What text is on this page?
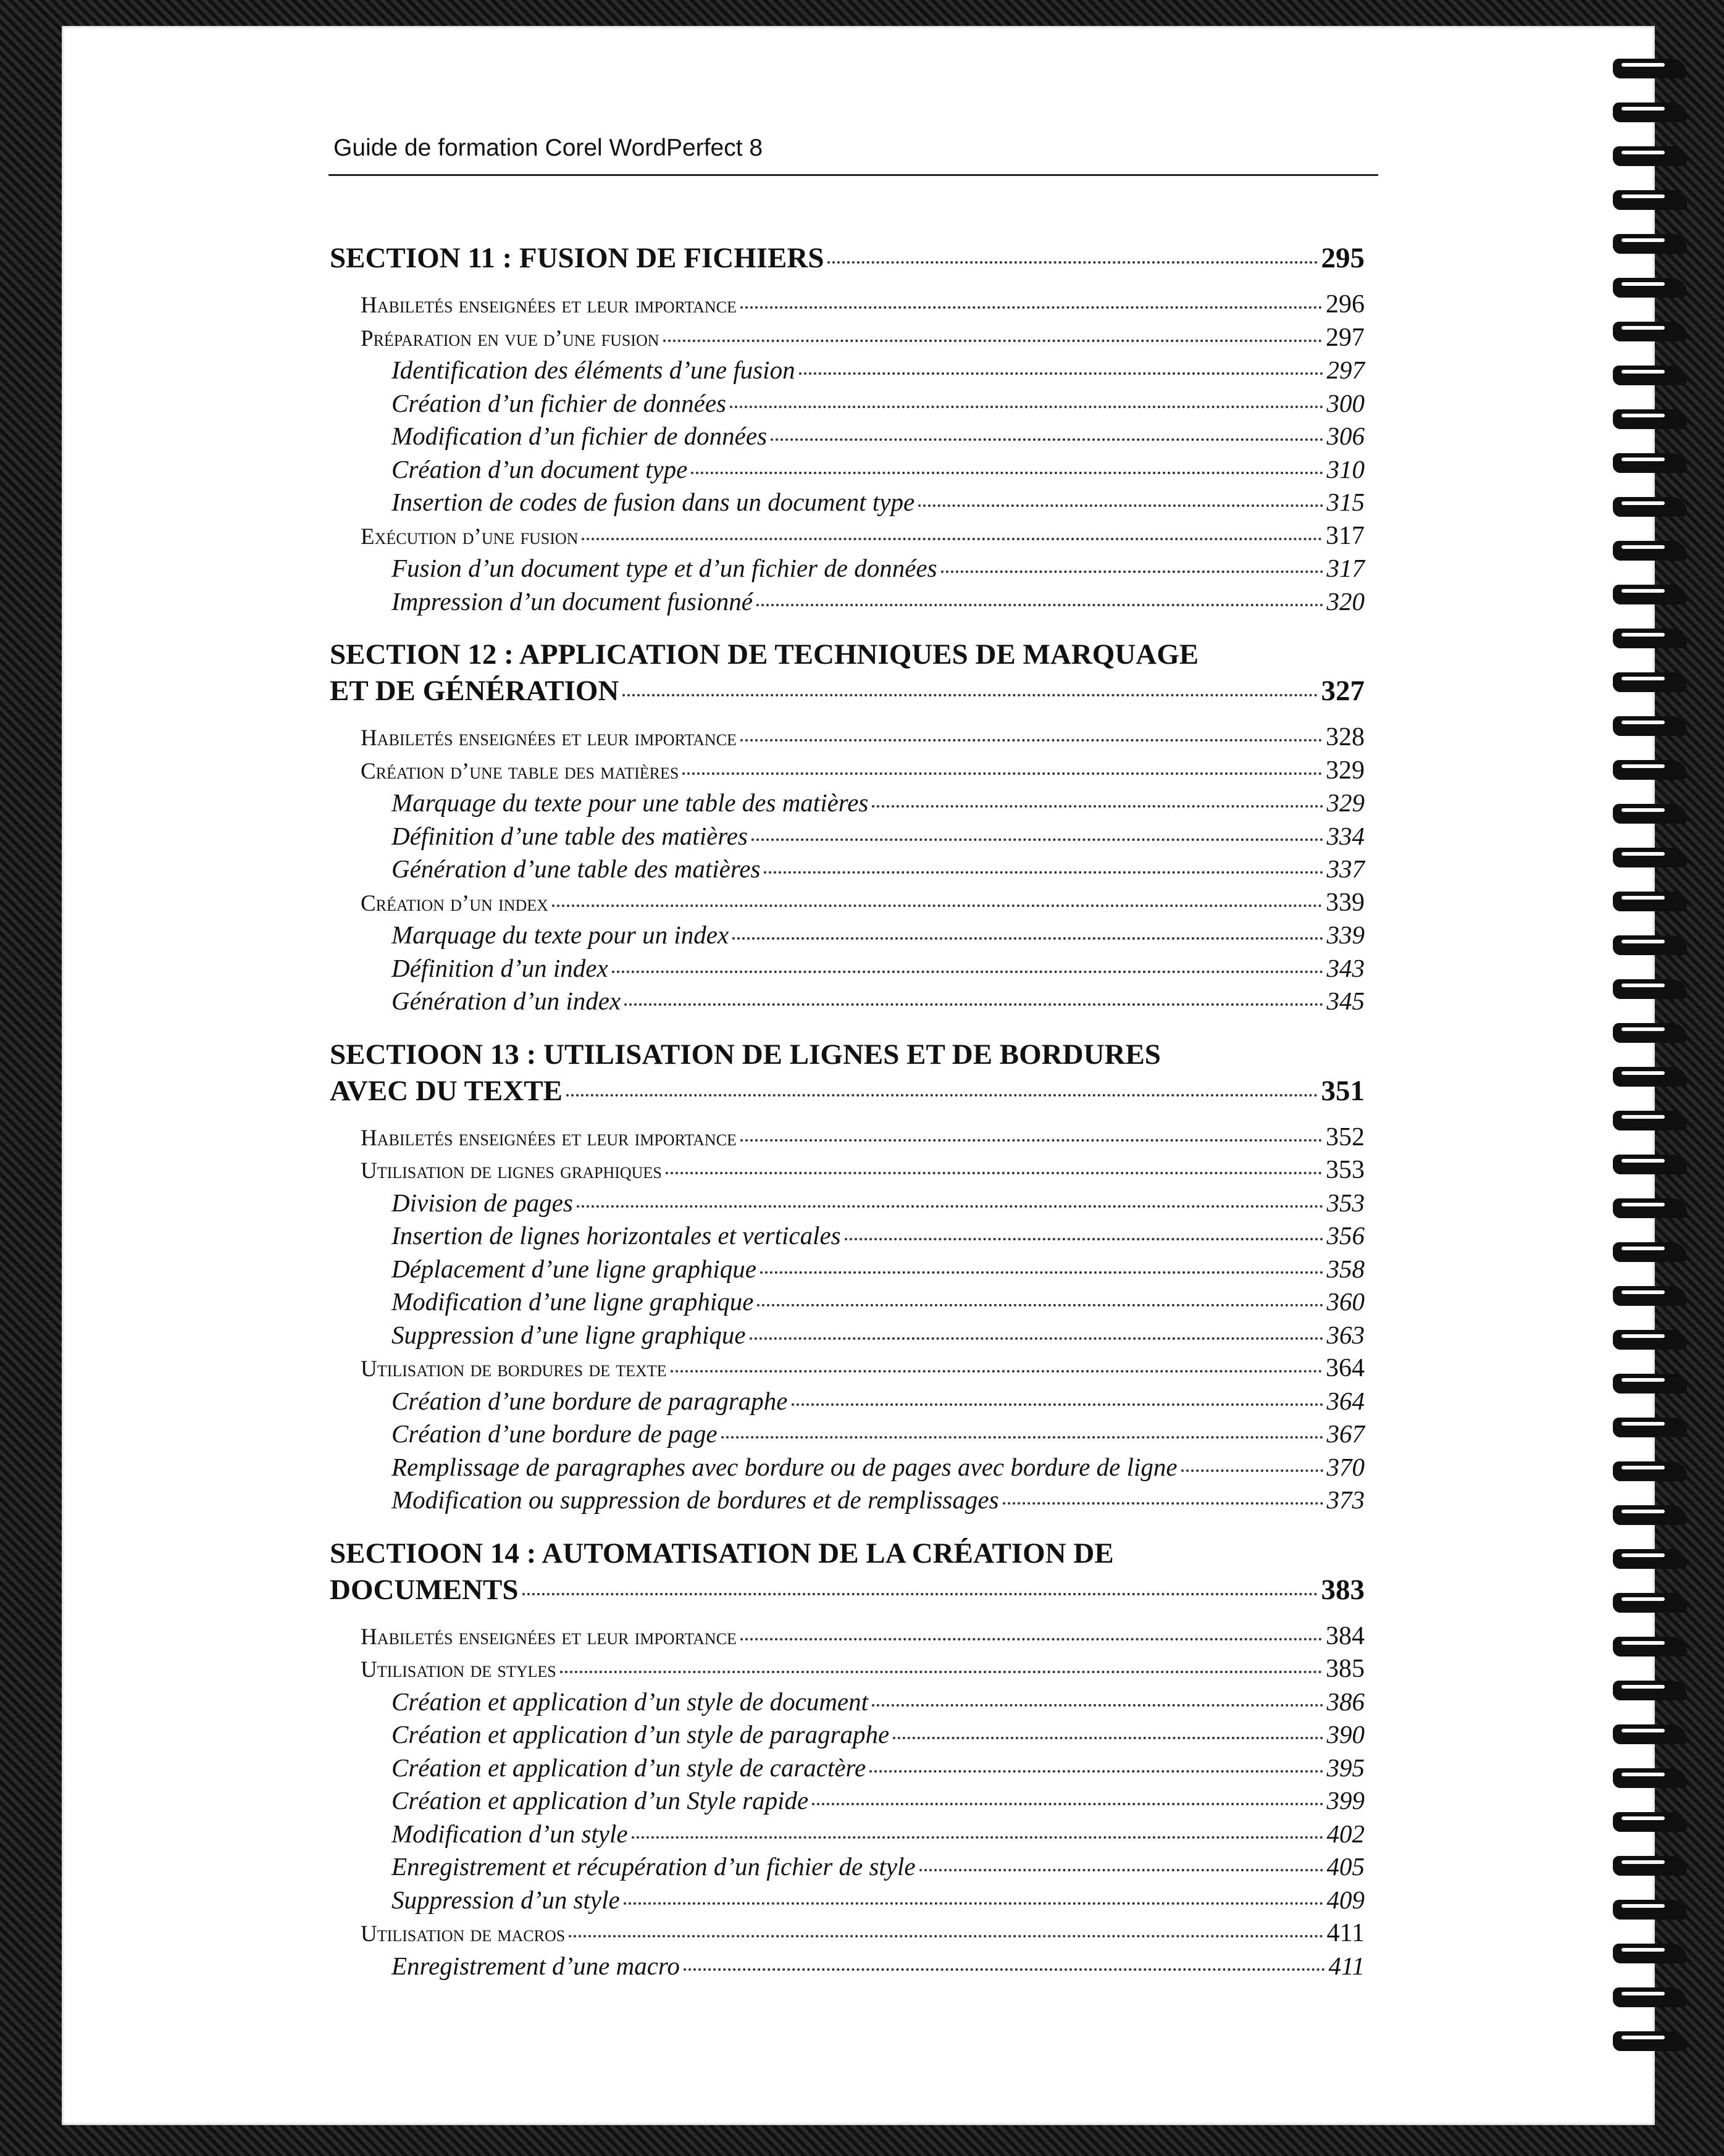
Guide de formation Corel WordPerfect 8
SECTION 11 : FUSION DE FICHIERS	295
Habiletés enseignées et leur importance	296
Préparation en vue d’une fusion	297
Identification des éléments d’une fusion	297
Création d’un fichier de données	300
Modification d’un fichier de données	306
Création d’un document type	310
Insertion de codes de fusion dans un document type	315
Exécution d’une fusion	317
Fusion d’un document type et d’un fichier de données	317
Impression d’un document fusionné	320
SECTION 12 : APPLICATION DE TECHNIQUES DE MARQUAGE
ET DE GÉNÉRATION	327
Habiletés enseignées et leur importance	328
Création d’une table des matières	329
Marquage du texte pour une table des matières	329
Définition d’une table des matières	334
Génération d’une table des matières	337
Création d’un index	339
Marquage du texte pour un index	339
Définition d’un index	343
Génération d’un index	345
SECTIOON 13 : UTILISATION DE LIGNES ET DE BORDURES
AVEC DU TEXTE	351
Habiletés enseignées et leur importance	352
Utilisation de lignes graphiques	353
Division de pages	353
Insertion de lignes horizontales et verticales	356
Déplacement d’une ligne graphique	358
Modification d’une ligne graphique	360
Suppression d’une ligne graphique	363
Utilisation de bordures de texte	364
Création d’une bordure de paragraphe	364
Création d’une bordure de page	367
Remplissage de paragraphes avec bordure ou de pages avec bordure de ligne	370
Modification ou suppression de bordures et de remplissages	373
SECTIOON 14 : AUTOMATISATION DE LA CRÉATION DE
DOCUMENTS	383
Habiletés enseignées et leur importance	384
Utilisation de styles	385
Création et application d’un style de document	386
Création et application d’un style de paragraphe	390
Création et application d’un style de caractère	395
Création et application d’un Style rapide	399
Modification d’un style	402
Enregistrement et récupération d’un fichier de style	405
Suppression d’un style	409
Utilisation de macros	411
Enregistrement d’une macro	411
